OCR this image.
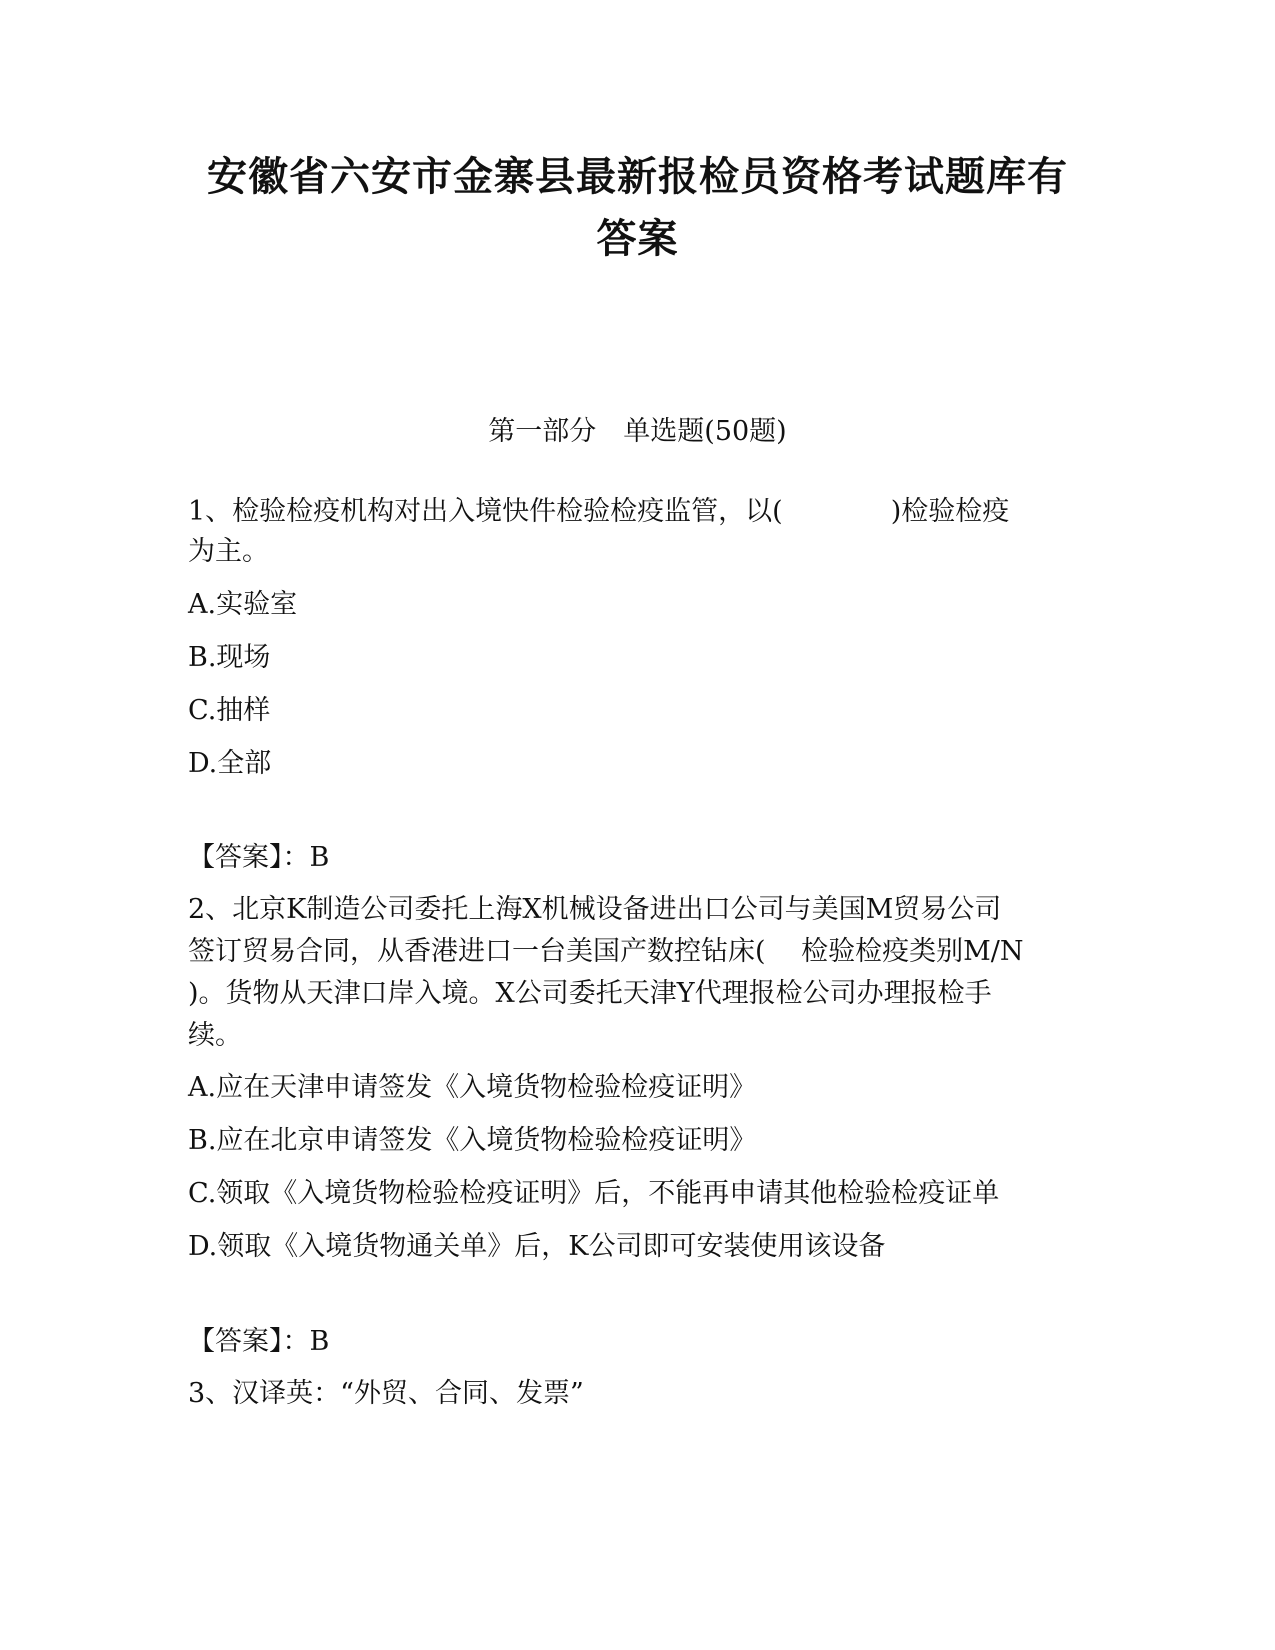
安徽省六安市金寨县最新报检员资格考试题库有
答案
第一部分　单选题(50题)
1、检验检疫机构对出入境快件检验检疫监管，以(　　　　)检验检疫
为主。
A.实验室
B.现场
C.抽样
D.全部
【答案】：B
2、北京K制造公司委托上海X机械设备进出口公司与美国M贸易公司
签订贸易合同，从香港进口一台美国产数控钻床(　 检验检疫类别M/N
)。货物从天津口岸入境。X公司委托天津Y代理报检公司办理报检手
续。
A.应在天津申请签发《入境货物检验检疫证明》
B.应在北京申请签发《入境货物检验检疫证明》
C.领取《入境货物检验检疫证明》后，不能再申请其他检验检疫证单
D.领取《入境货物通关单》后，K公司即可安装使用该设备
【答案】：B
3、汉译英：“外贸、合同、发票”
